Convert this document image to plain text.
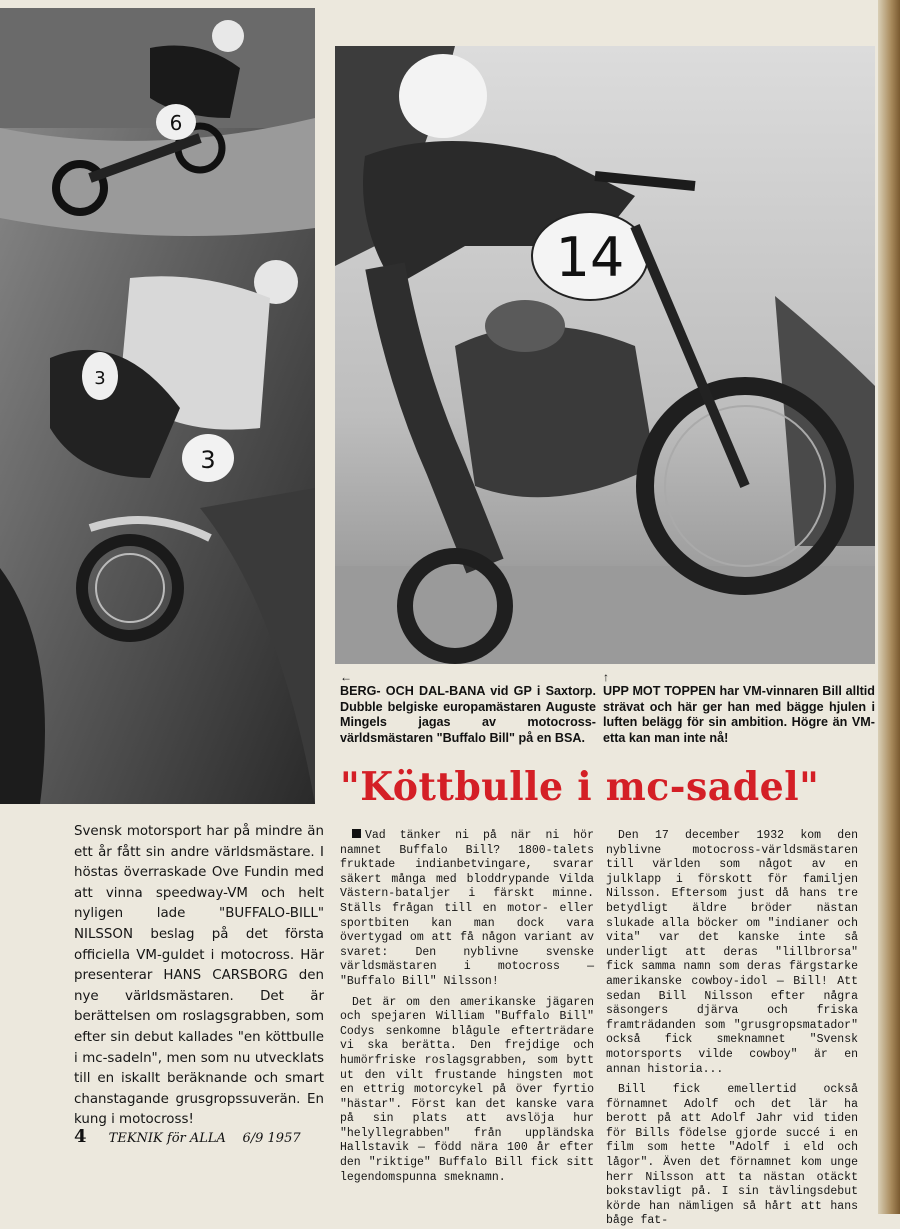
6
3
3
14
←
BERG- OCH DAL-BANA vid GP i Saxtorp. Dubble belgiske europamästaren Auguste Mingels jagas av motocross-världsmästaren "Buffalo Bill" på en BSA.
↑
UPP MOT TOPPEN har VM-vinnaren Bill alltid strävat och här ger han med bägge hjulen i luften belägg för sin ambition. Högre än VM-etta kan man inte nå!
"Köttbulle i mc-sadel"
Svensk motorsport har på mindre än ett år fått sin andre världsmästare. I höstas överraskade Ove Fundin med att vinna speedway-VM och helt nyligen lade "BUFFALO-BILL" NILSSON beslag på det första officiella VM-guldet i motocross. Här presenterar HANS CARSBORG den nye världsmästaren. Det är berättelsen om roslagsgrabben, som efter sin debut kallades "en köttbulle i mc-sadeln", men som nu utvecklats till en iskallt beräknande och smart chanstagande grusgropssuverän. En kung i motocross!

Vad tänker ni på när ni hör namnet Buffalo Bill? 1800-talets fruktade indianbetvingare, svarar säkert många med bloddrypande Vilda Västern-bataljer i färskt minne. Ställs frågan till en motor- eller sportbiten kan man dock vara övertygad om att få någon variant av svaret: Den nyblivne svenske världsmästaren i motocross — "Buffalo Bill" Nilsson!

Det är om den amerikanske jägaren och spejaren William "Buffalo Bill" Codys senkomne blågule efterträdare vi ska berätta. Den frejdige och humörfriske roslagsgrabben, som bytt ut den vilt frustande hingsten mot en ettrig motorcykel på över fyrtio "hästar". Först kan det kanske vara på sin plats att avslöja hur "helyllegrabben" från uppländska Hallstavik — född nära 100 år efter den "riktige" Buffalo Bill fick sitt legendomspunna smeknamn.

Den 17 december 1932 kom den nyblivne motocross-världsmästaren till världen som något av en julklapp i förskott för familjen Nilsson. Eftersom just då hans tre betydligt äldre bröder nästan slukade alla böcker om "indianer och vita" var det kanske inte så underligt att deras "lillbrorsa" fick samma namn som deras färgstarke amerikanske cowboy-idol — Bill! Att sedan Bill Nilsson efter några säsongers djärva och friska framträdanden som "grusgropsmatador" också fick smeknamnet "Svensk motorsports vilde cowboy" är en annan historia...

Bill fick emellertid också förnamnet Adolf och det lär ha berott på att Adolf Jahr vid tiden för Bills födelse gjorde succé i en film som hette "Adolf i eld och lågor". Även det förnamnet kom unge herr Nilsson att ta nästan otäckt bokstavligt på. I sin tävlingsdebut körde han nämligen så hårt att hans båge fat-

4 TEKNIK för ALLA 6/9 1957
